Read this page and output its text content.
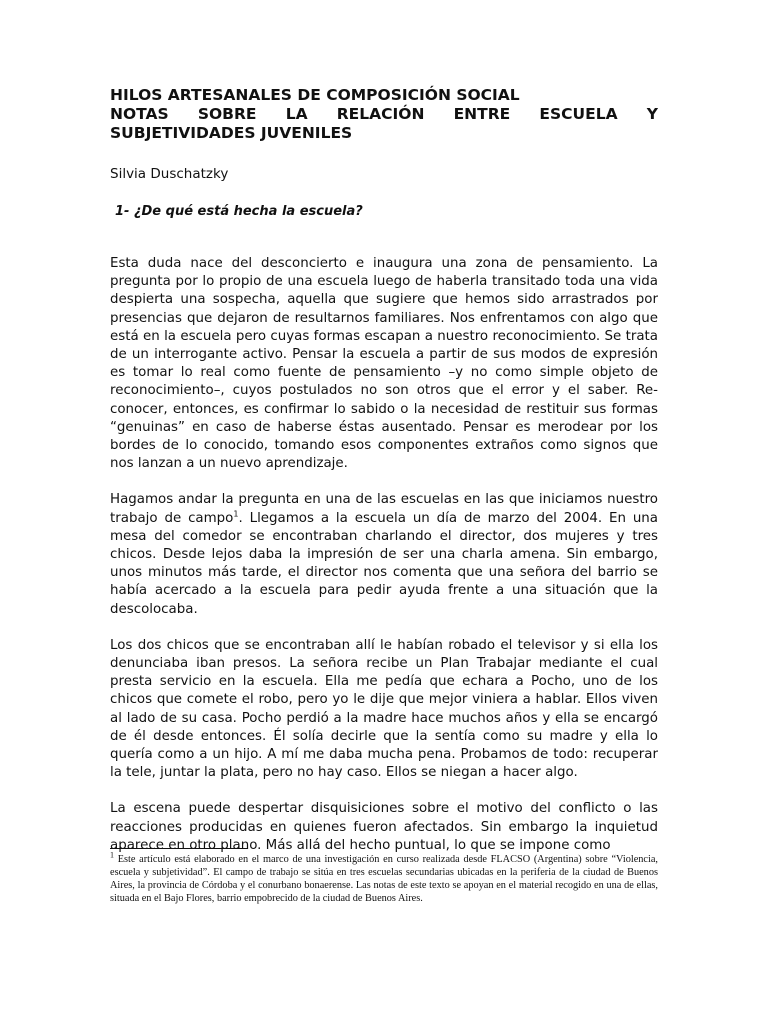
HILOS ARTESANALES DE COMPOSICIÓN SOCIAL
NOTAS SOBRE LA RELACIÓN ENTRE ESCUELA Y SUBJETIVIDADES JUVENILES

Silvia Duschatzky

1- ¿De qué está hecha la escuela?

Esta duda nace del desconcierto e inaugura una zona de pensamiento. La pregunta por lo propio de una escuela luego de haberla transitado toda una vida despierta una sospecha, aquella que sugiere que hemos sido arrastrados por presencias que dejaron de resultarnos familiares. Nos enfrentamos con algo que está en la escuela pero cuyas formas escapan a nuestro reconocimiento. Se trata de un interrogante activo. Pensar la escuela a partir de sus modos de expresión es tomar lo real como fuente de pensamiento –y no como simple objeto de reconocimiento–, cuyos postulados no son otros que el error y el saber. Re-conocer, entonces, es confirmar lo sabido o la necesidad de restituir sus formas “genuinas” en caso de haberse éstas ausentado. Pensar es merodear por los bordes de lo conocido, tomando esos componentes extraños como signos que nos lanzan a un nuevo aprendizaje.

Hagamos andar la pregunta en una de las escuelas en las que iniciamos nuestro trabajo de campo$^1$. Llegamos a la escuela un día de marzo del 2004. En una mesa del comedor se encontraban charlando el director, dos mujeres y tres chicos. Desde lejos daba la impresión de ser una charla amena. Sin embargo, unos minutos más tarde, el director nos comenta que una señora del barrio se había acercado a la escuela para pedir ayuda frente a una situación que la descolocaba.

Los dos chicos que se encontraban allí le habían robado el televisor y si ella los denunciaba iban presos. La señora recibe un Plan Trabajar mediante el cual presta servicio en la escuela. Ella me pedía que echara a Pocho, uno de los chicos que comete el robo, pero yo le dije que mejor viniera a hablar. Ellos viven al lado de su casa. Pocho perdió a la madre hace muchos años y ella se encargó de él desde entonces. Él solía decirle que la sentía como su madre y ella lo quería como a un hijo. A mí me daba mucha pena. Probamos de todo: recuperar la tele, juntar la plata, pero no hay caso. Ellos se niegan a hacer algo.

La escena puede despertar disquisiciones sobre el motivo del conflicto o las reacciones producidas en quienes fueron afectados. Sin embargo la inquietud aparece en otro plano. Más allá del hecho puntual, lo que se impone como

$^1$ Este artículo está elaborado en el marco de una investigación en curso realizada desde FLACSO (Argentina) sobre “Violencia, escuela y subjetividad”. El campo de trabajo se sitúa en tres escuelas secundarias ubicadas en la periferia de la ciudad de Buenos Aires, la provincia de Córdoba y el conurbano bonaerense. Las notas de este texto se apoyan en el material recogido en una de ellas, situada en el Bajo Flores, barrio empobrecido de la ciudad de Buenos Aires.
